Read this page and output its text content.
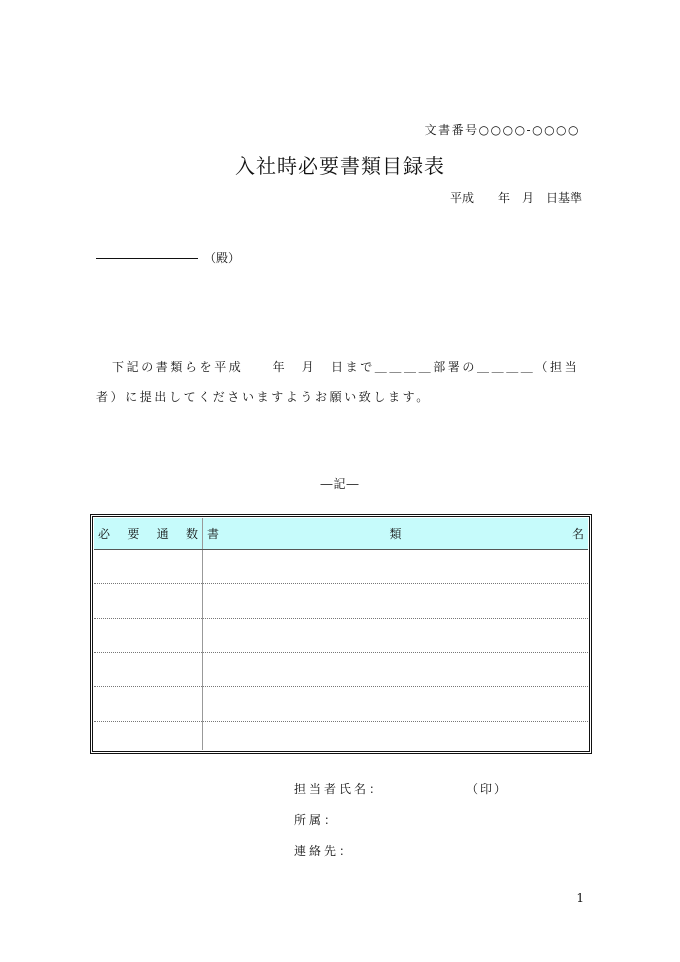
文書番号○○○○-○○○○
入社時必要書類目録表
平成　　年　月　日基準
（殿）
下記の書類らを平成　　年　月　日まで＿＿＿＿部署の＿＿＿＿（担当者）に提出してくださいますようお願い致します。
―記―
必要通数	書 類 名

担当者氏名：	（印）
所属：
連絡先：
1
